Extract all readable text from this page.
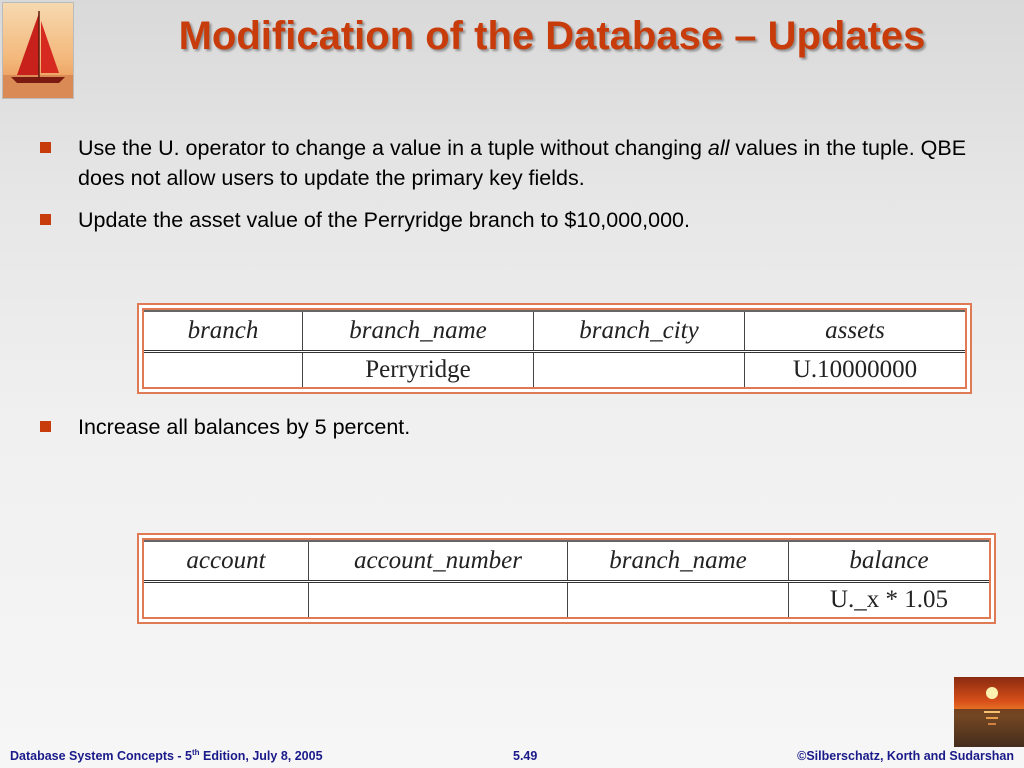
Modification of the Database – Updates
Use the U. operator to change a value in a tuple without changing all values in the tuple. QBE does not allow users to update the primary key fields.
Update the asset value of the Perryridge branch to $10,000,000.
branch	branch_name	branch_city	assets
	Perryridge		U.10000000
Increase all balances by 5 percent.
account	account_number	branch_name	balance
			U._x * 1.05
Database System Concepts - 5th Edition, July 8, 2005	5.49	©Silberschatz, Korth and Sudarshan
